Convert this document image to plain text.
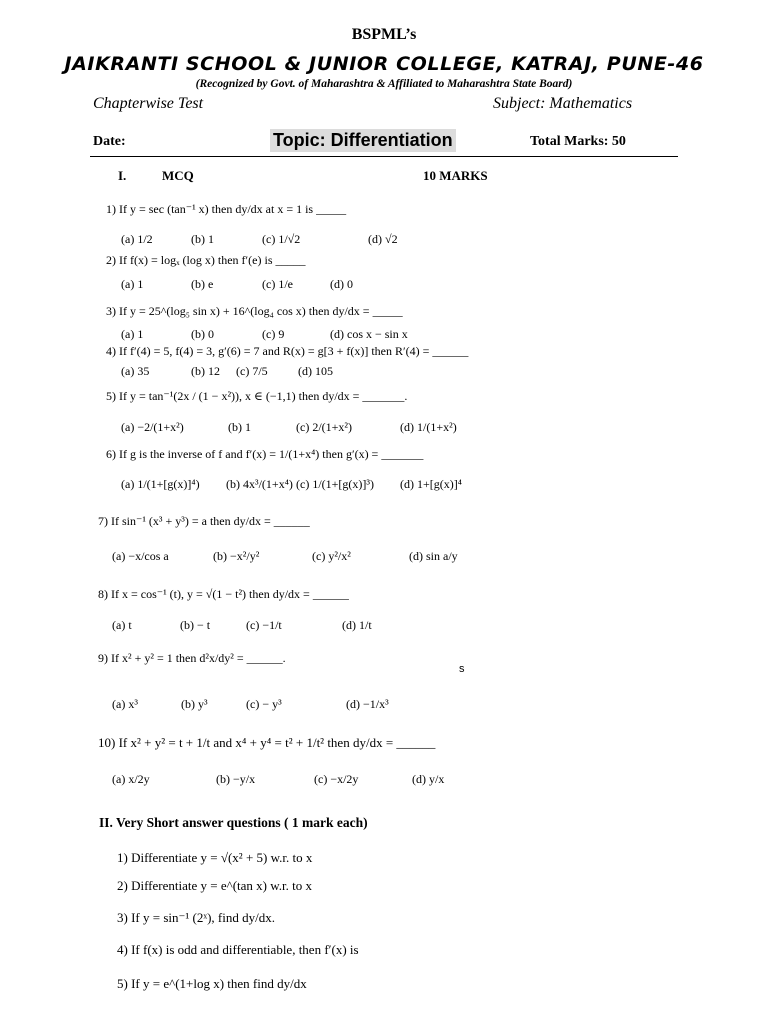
BSPML’s
JAIKRANTI SCHOOL & JUNIOR COLLEGE, KATRAJ, PUNE-46
(Recognized by Govt. of Maharashtra & Affiliated to Maharashtra State Board)
Chapterwise Test	Subject: Mathematics
Date:	Topic: Differentiation	Total Marks: 50
I.	MCQ	10 MARKS
1) If y = sec (tan⁻¹ x) then dy/dx at x = 1 is _____
(a) 1/2	(b) 1	(c) 1/√2	(d) √2
2) If f(x) = logₓ (log x) then f′(e) is _____
(a) 1	(b) e	(c) 1/e	(d) 0
3) If y = 25^(log₅ sin x) + 16^(log₄ cos x) then dy/dx = _____
(a) 1	(b) 0	(c) 9	(d) cos x − sin x
4) If f′(4) = 5, f(4) = 3, g′(6) = 7 and R(x) = g[3 + f(x)] then R′(4) = ______
(a) 35	(b) 12 (c) 7/5	(d) 105
5) If y = tan⁻¹(2x / (1 − x²)), x ∈ (−1,1) then dy/dx = _______.
(a) −2/(1+x²)	(b) 1	(c) 2/(1+x²)	(d) 1/(1+x²)
6) If g is the inverse of f and f′(x) = 1/(1+x⁴) then g′(x) = _______
(a) 1/(1+[g(x)]⁴) (b) 4x³/(1+x⁴) (c) 1/(1+[g(x)]³) (d) 1+[g(x)]⁴
7) If sin⁻¹ (x³ + y³) = a then dy/dx = ______
(a) −x/cos a	(b) −x²/y²	(c) y²/x²	(d) sin a/y
8) If x = cos⁻¹ (t), y = √(1 − t²) then dy/dx = ______
(a) t	(b) − t	(c) −1/t	(d) 1/t
9) If x² + y² = 1 then d²x/dy² = ______.
s
(a) x³	(b) y³	(c) − y³	(d) −1/x³
10) If x² + y² = t + 1/t and x⁴ + y⁴ = t² + 1/t² then dy/dx = ______
(a) x/2y	(b) −y/x	(c) −x/2y	(d) y/x
II. Very Short answer questions ( 1 mark each)
1) Differentiate y = √(x² + 5) w.r. to x
2) Differentiate y = e^(tan x) w.r. to x
3) If y = sin⁻¹ (2ˣ), find dy/dx.
4) If f(x) is odd and differentiable, then f′(x) is
5) If y = e^(1+log x) then find dy/dx
